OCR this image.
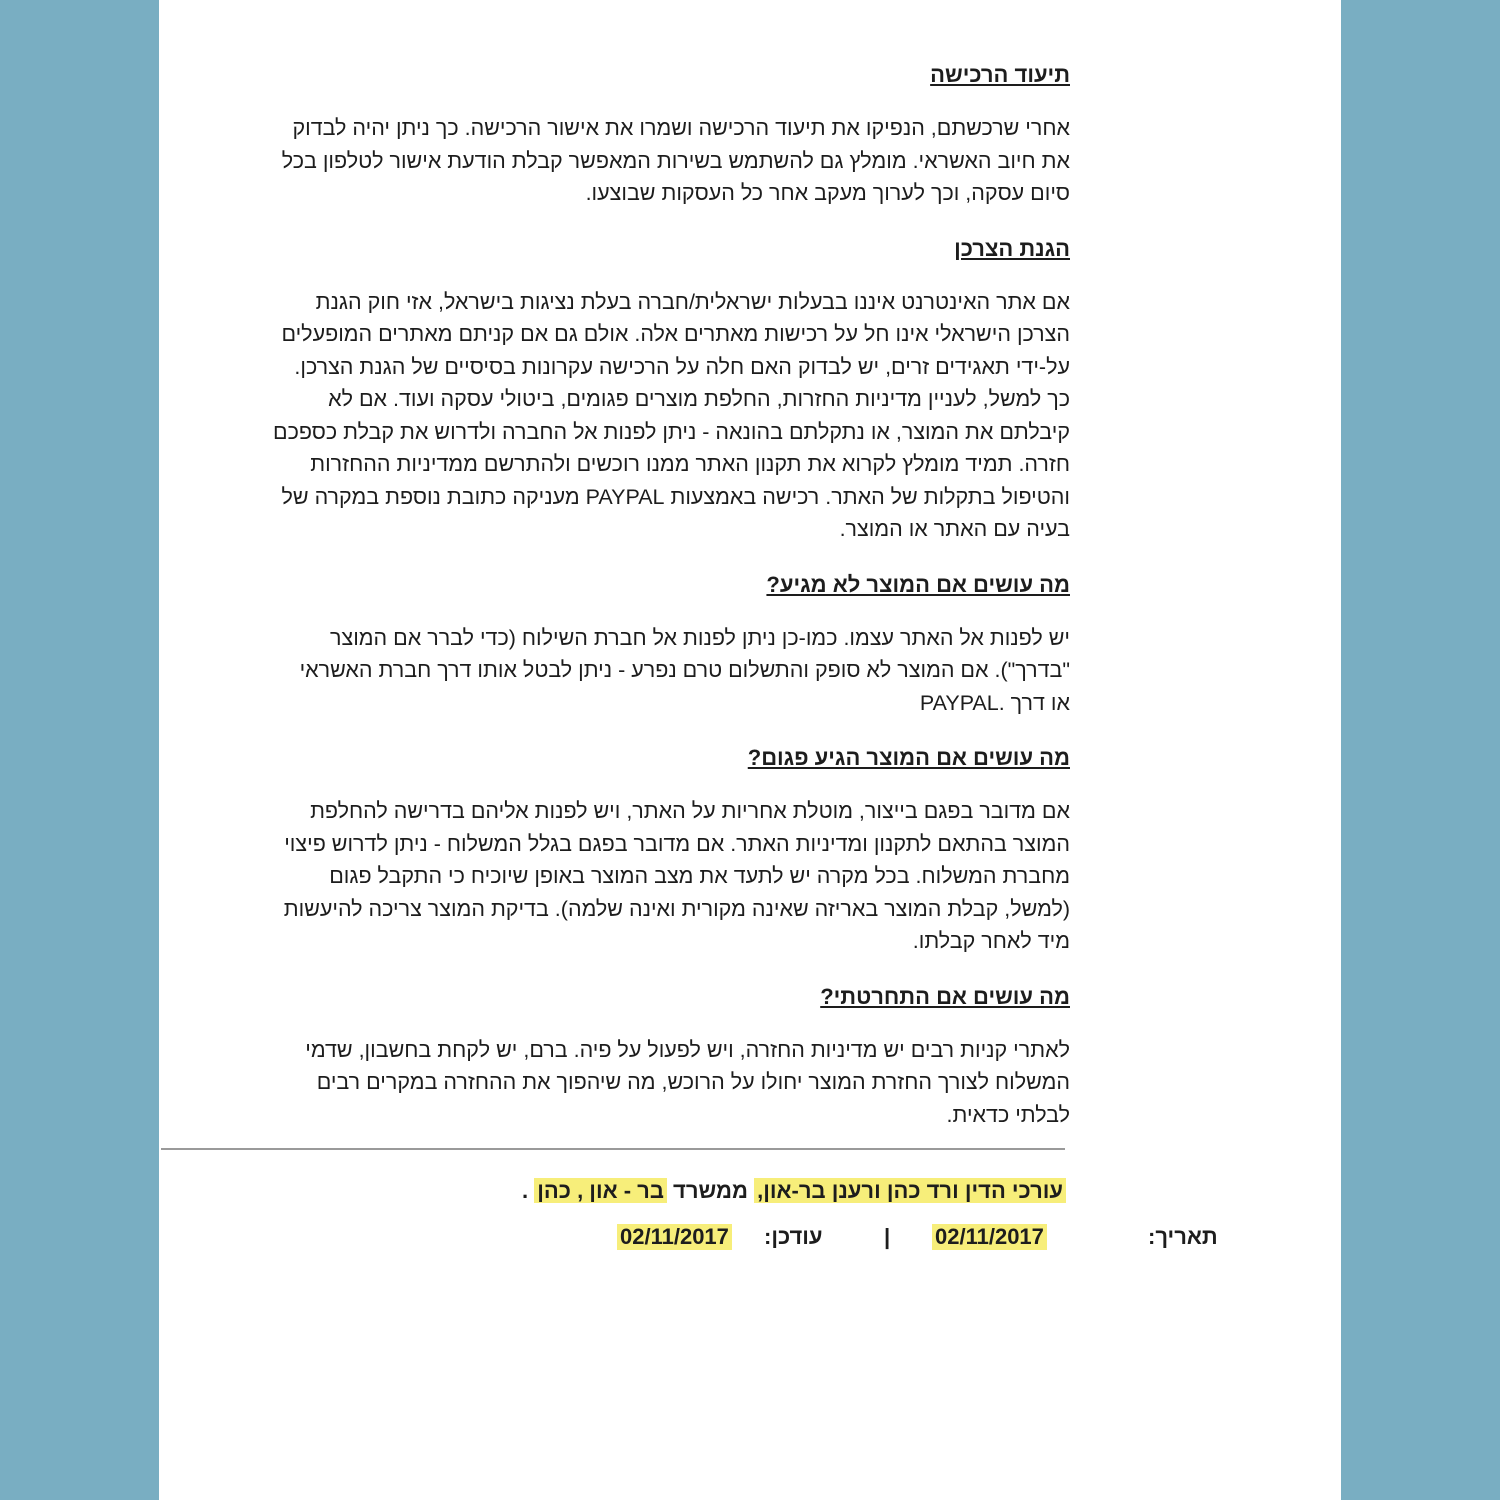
תיעוד הרכישה
אחרי שרכשתם, הנפיקו את תיעוד הרכישה ושמרו את אישור הרכישה. כך ניתן יהיה לבדוק
את חיוב האשראי. מומלץ גם להשתמש בשירות המאפשר קבלת הודעת אישור לטלפון בכל
סיום עסקה, וכך לערוך מעקב אחר כל העסקות שבוצעו.
הגנת הצרכן
אם אתר האינטרנט איננו בבעלות ישראלית/חברה בעלת נציגות בישראל, אזי חוק הגנת
הצרכן הישראלי אינו חל על רכישות מאתרים אלה. אולם גם אם קניתם מאתרים המופעלים
על-ידי תאגידים זרים, יש לבדוק האם חלה על הרכישה עקרונות בסיסיים של הגנת הצרכן.
כך למשל, לעניין מדיניות החזרות, החלפת מוצרים פגומים, ביטולי עסקה ועוד. אם לא
קיבלתם את המוצר, או נתקלתם בהונאה - ניתן לפנות אל החברה ולדרוש את קבלת כספכם
חזרה. תמיד מומלץ לקרוא את תקנון האתר ממנו רוכשים ולהתרשם ממדיניות ההחזרות
והטיפול בתקלות של האתר. רכישה באמצעות PAYPAL מעניקה כתובת נוספת במקרה של
בעיה עם האתר או המוצר.
מה עושים אם המוצר לא מגיע?
יש לפנות אל האתר עצמו. כמו-כן ניתן לפנות אל חברת השילוח (כדי לברר אם המוצר
"בדרך"). אם המוצר לא סופק והתשלום טרם נפרע - ניתן לבטל אותו דרך חברת האשראי
או דרך .PAYPAL
מה עושים אם המוצר הגיע פגום?
אם מדובר בפגם בייצור, מוטלת אחריות על האתר, ויש לפנות אליהם בדרישה להחלפת
המוצר בהתאם לתקנון ומדיניות האתר. אם מדובר בפגם בגלל המשלוח - ניתן לדרוש פיצוי
מחברת המשלוח. בכל מקרה יש לתעד את מצב המוצר באופן שיוכיח כי התקבל פגום
(למשל, קבלת המוצר באריזה שאינה מקורית ואינה שלמה). בדיקת המוצר צריכה להיעשות
מיד לאחר קבלתו.
מה עושים אם התחרטתי?
לאתרי קניות רבים יש מדיניות החזרה, ויש לפעול על פיה. ברם, יש לקחת בחשבון, שדמי
המשלוח לצורך החזרת המוצר יחולו על הרוכש, מה שיהפוך את ההחזרה במקרים רבים
לבלתי כדאית.
עורכי הדין ורד כהן ורענן בר-און, ממשרד בר - און , כהן .
תאריך:
02/11/2017
|
עודכן:
02/11/2017
